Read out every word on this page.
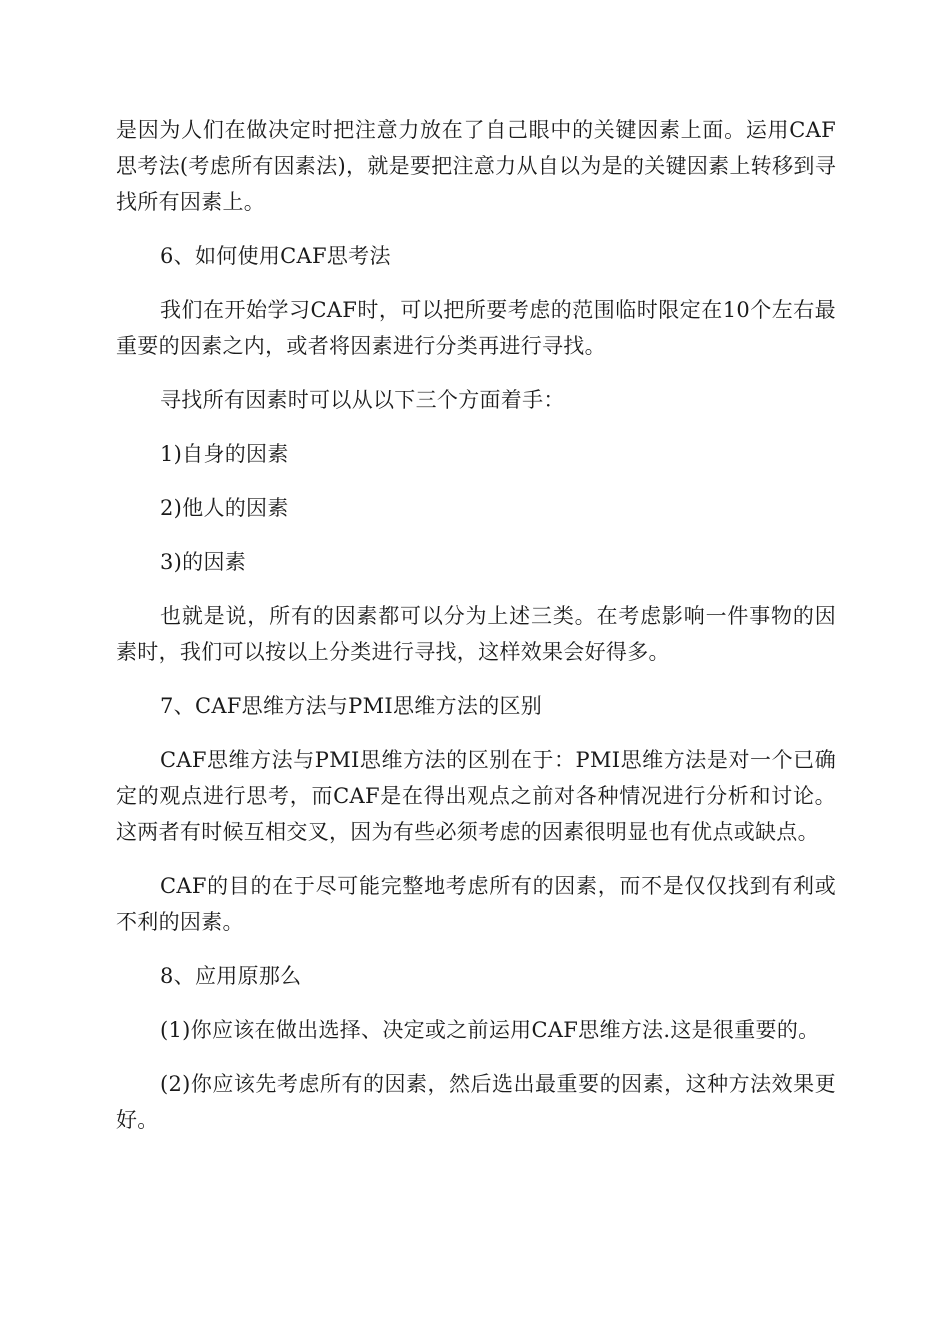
是因为人们在做决定时把注意力放在了自己眼中的关键因素上面。运用CAF思考法(考虑所有因素法)，就是要把注意力从自以为是的关键因素上转移到寻找所有因素上。

6、如何使用CAF思考法

我们在开始学习CAF时，可以把所要考虑的范围临时限定在10个左右最重要的因素之内，或者将因素进行分类再进行寻找。

寻找所有因素时可以从以下三个方面着手：

1)自身的因素

2)他人的因素

3)的因素

也就是说，所有的因素都可以分为上述三类。在考虑影响一件事物的因素时，我们可以按以上分类进行寻找，这样效果会好得多。

7、CAF思维方法与PMI思维方法的区别

CAF思维方法与PMI思维方法的区别在于：PMI思维方法是对一个已确定的观点进行思考，而CAF是在得出观点之前对各种情况进行分析和讨论。这两者有时候互相交叉，因为有些必须考虑的因素很明显也有优点或缺点。

CAF的目的在于尽可能完整地考虑所有的因素，而不是仅仅找到有利或不利的因素。

8、应用原那么

(1)你应该在做出选择、决定或之前运用CAF思维方法.这是很重要的。

(2)你应该先考虑所有的因素，然后选出最重要的因素，这种方法效果更好。
